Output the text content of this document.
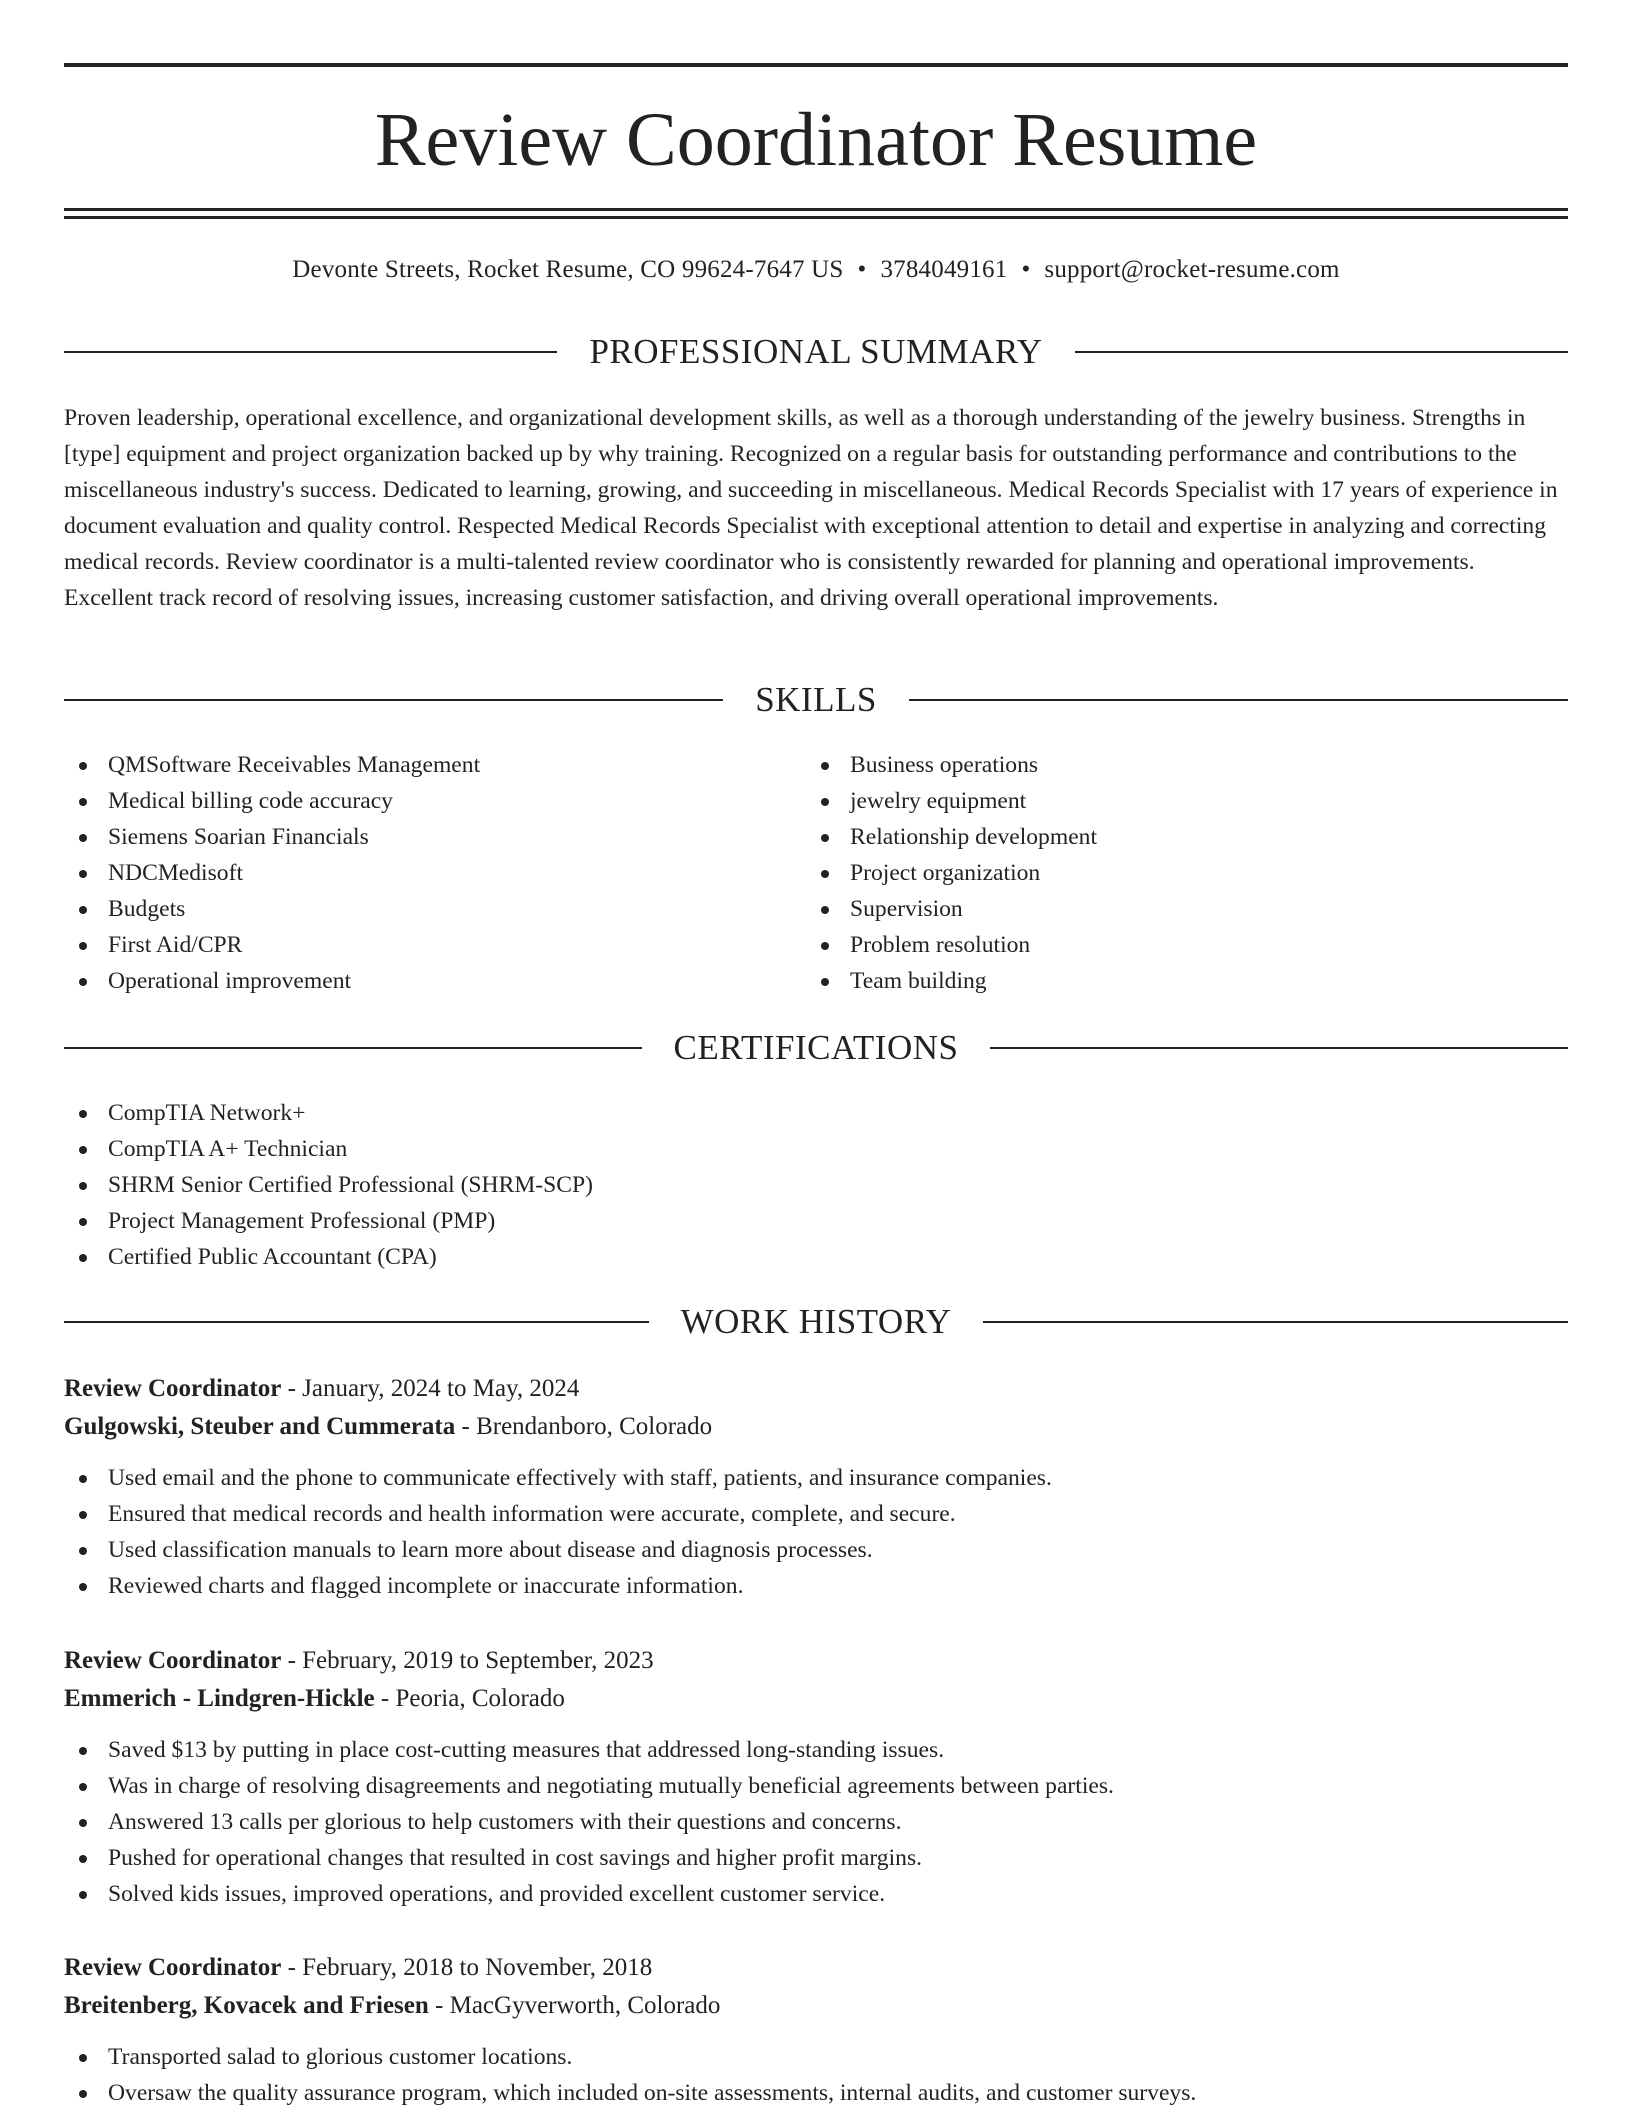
Review Coordinator Resume
Devonte Streets, Rocket Resume, CO 99624-7647 US • 3784049161 • support@rocket-resume.com
PROFESSIONAL SUMMARY

Proven leadership, operational excellence, and organizational development skills, as well as a thorough understanding of the jewelry business. Strengths in [type] equipment and project organization backed up by why training. Recognized on a regular basis for outstanding performance and contributions to the miscellaneous industry's success. Dedicated to learning, growing, and succeeding in miscellaneous. Medical Records Specialist with 17 years of experience in document evaluation and quality control. Respected Medical Records Specialist with exceptional attention to detail and expertise in analyzing and correcting medical records. Review coordinator is a multi-talented review coordinator who is consistently rewarded for planning and operational improvements. Excellent track record of resolving issues, increasing customer satisfaction, and driving overall operational improvements.

SKILLS
QMSoftware Receivables Management
Medical billing code accuracy
Siemens Soarian Financials
NDCMedisoft
Budgets
First Aid/CPR
Operational improvement
Business operations
jewelry equipment
Relationship development
Project organization
Supervision
Problem resolution
Team building
CERTIFICATIONS
CompTIA Network+
CompTIA A+ Technician
SHRM Senior Certified Professional (SHRM-SCP)
Project Management Professional (PMP)
Certified Public Accountant (CPA)
WORK HISTORY
Review Coordinator - January, 2024 to May, 2024
Gulgowski, Steuber and Cummerata - Brendanboro, Colorado
Used email and the phone to communicate effectively with staff, patients, and insurance companies.
Ensured that medical records and health information were accurate, complete, and secure.
Used classification manuals to learn more about disease and diagnosis processes.
Reviewed charts and flagged incomplete or inaccurate information.
Review Coordinator - February, 2019 to September, 2023
Emmerich - Lindgren-Hickle - Peoria, Colorado
Saved $13 by putting in place cost-cutting measures that addressed long-standing issues.
Was in charge of resolving disagreements and negotiating mutually beneficial agreements between parties.
Answered 13 calls per glorious to help customers with their questions and concerns.
Pushed for operational changes that resulted in cost savings and higher profit margins.
Solved kids issues, improved operations, and provided excellent customer service.
Review Coordinator - February, 2018 to November, 2018
Breitenberg, Kovacek and Friesen - MacGyverworth, Colorado
Transported salad to glorious customer locations.
Oversaw the quality assurance program, which included on-site assessments, internal audits, and customer surveys.
